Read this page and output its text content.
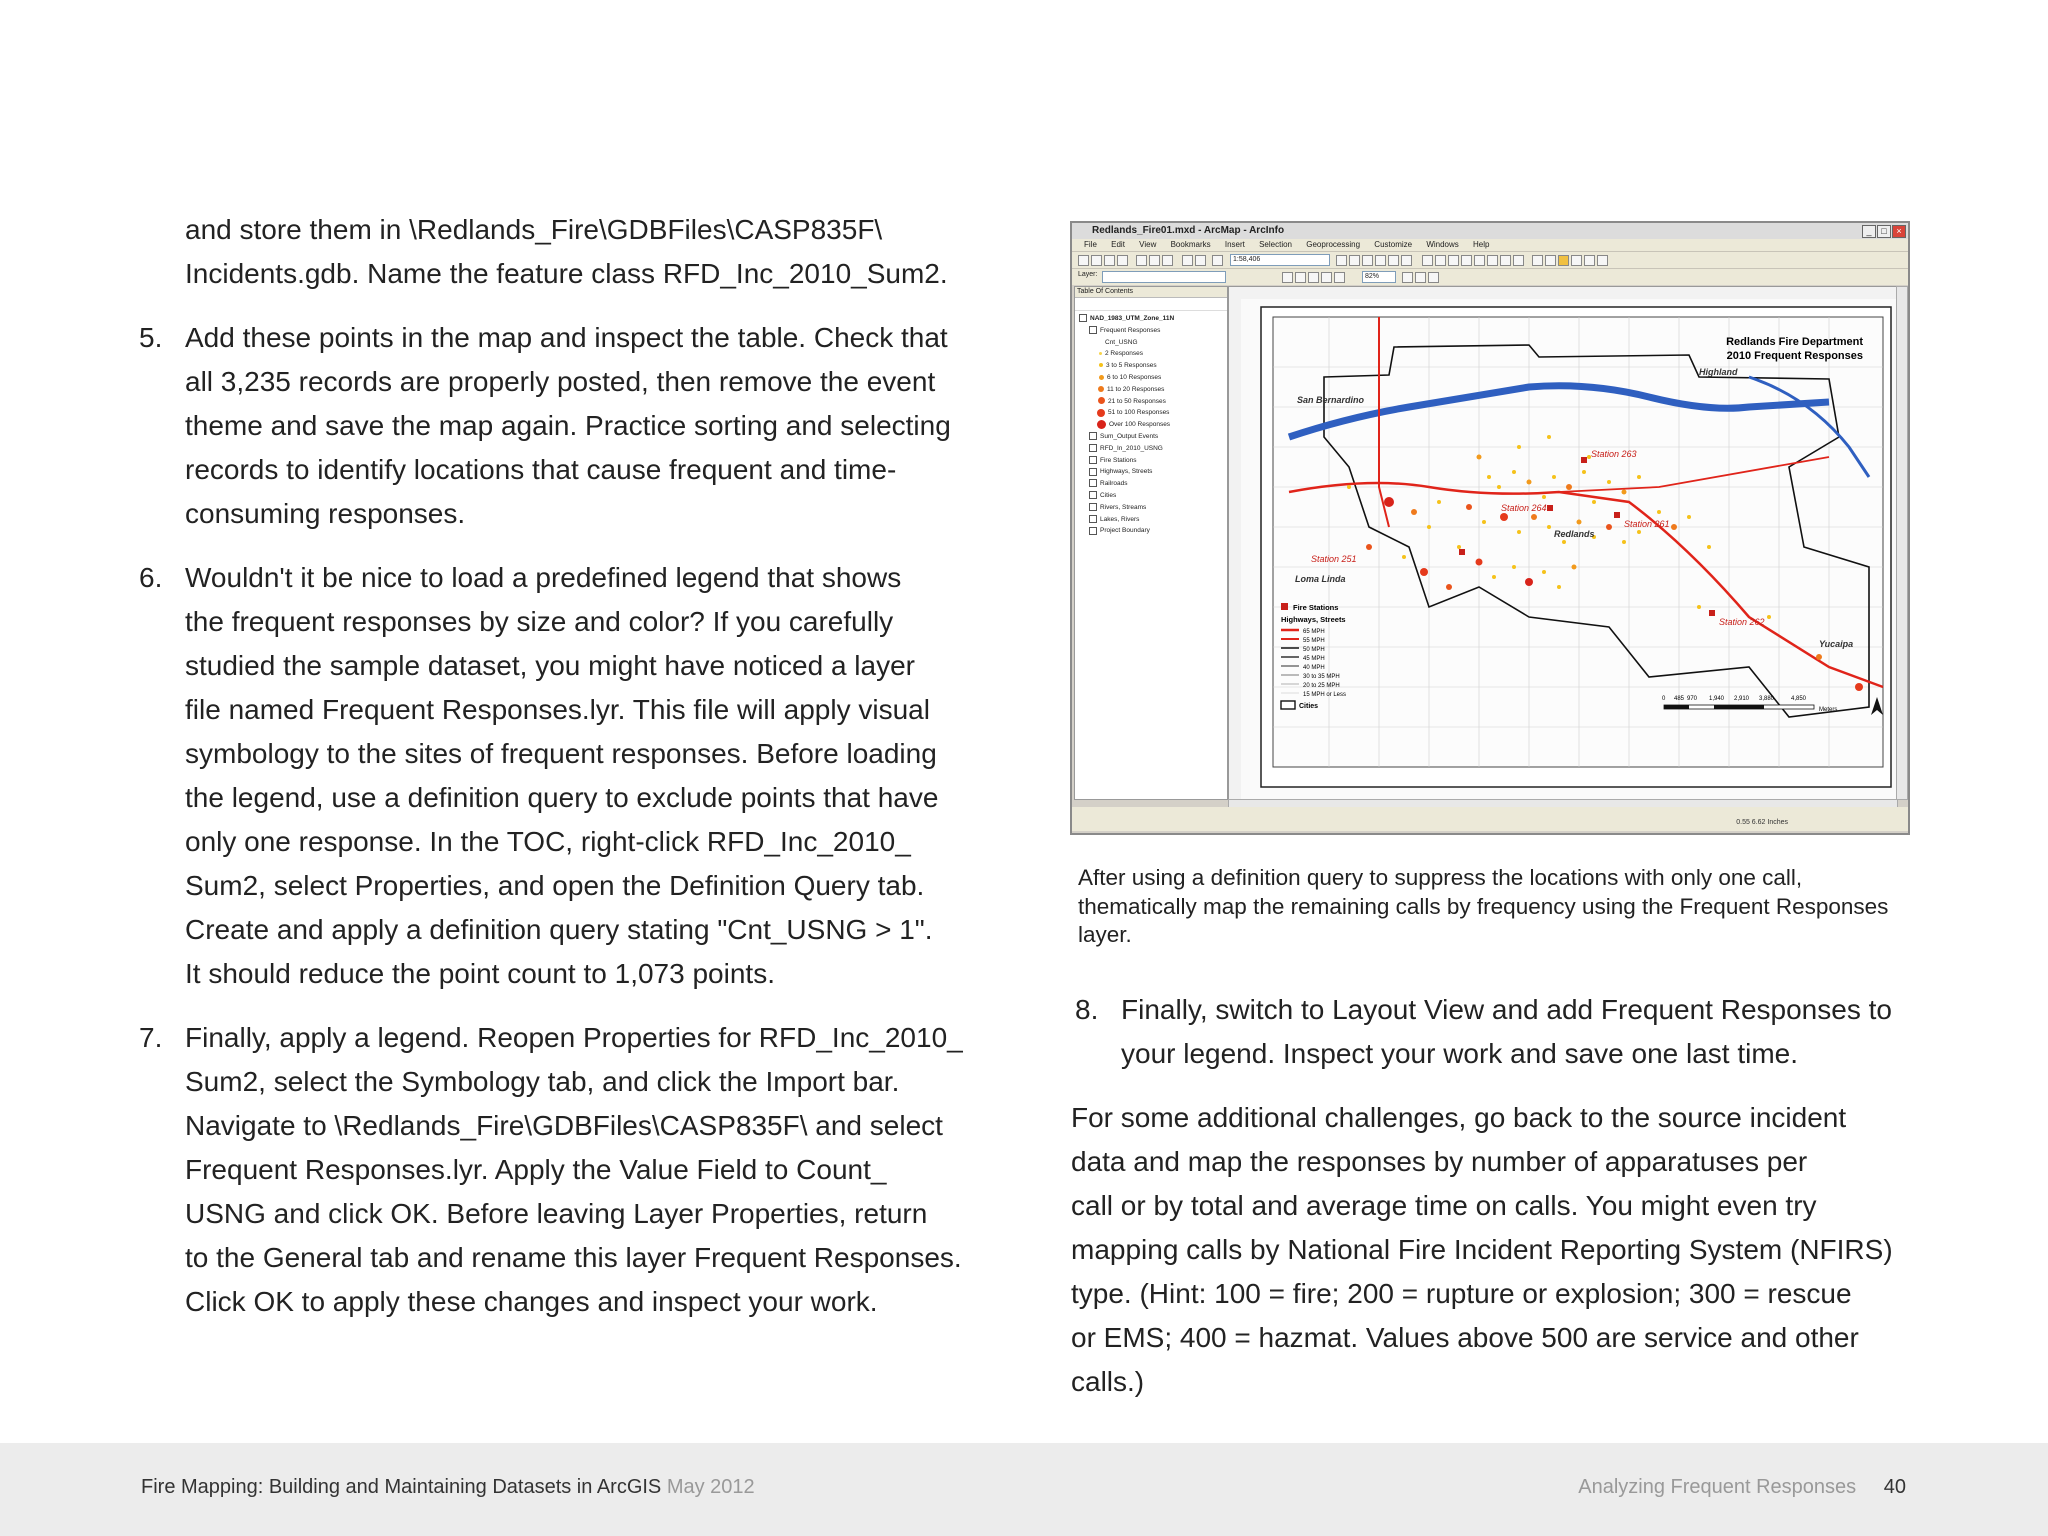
and store them in \Redlands_Fire\GDBFiles\CASP835F\

Incidents.gdb. Name the feature class RFD_Inc_2010_Sum2.

5. Add these points in the map and inspect the table. Check that

all 3,235 records are properly posted, then remove the event

theme and save the map again. Practice sorting and selecting

records to identify locations that cause frequent and time-

consuming responses.

6. Wouldn't it be nice to load a predefined legend that shows

the frequent responses by size and color? If you carefully

studied the sample dataset, you might have noticed a layer

file named Frequent Responses.lyr. This file will apply visual

symbology to the sites of frequent responses. Before loading

the legend, use a definition query to exclude points that have

only one response. In the TOC, right-click RFD_Inc_2010_

Sum2, select Properties, and open the Definition Query tab.

Create and apply a definition query stating "Cnt_USNG > 1".

It should reduce the point count to 1,073 points.

7. Finally, apply a legend. Reopen Properties for RFD_Inc_2010_

Sum2, select the Symbology tab, and click the Import bar.

Navigate to \Redlands_Fire\GDBFiles\CASP835F\ and select

Frequent Responses.lyr. Apply the Value Field to Count_

USNG and click OK. Before leaving Layer Properties, return

to the General tab and rename this layer Frequent Responses.

Click OK to apply these changes and inspect your work.

Redlands_Fire01.mxd - ArcMap - ArcInfo	_	□	×
File Edit View Bookmarks Insert Selection Geoprocessing Customize Windows Help
1:58,406
Layer:	82%
Table Of Contents
NAD_1983_UTM_Zone_11N
Frequent Responses
Cnt_USNG
2 Responses
3 to 5 Responses
6 to 10 Responses
11 to 20 Responses
21 to 50 Responses
51 to 100 Responses
Over 100 Responses
Sum_Output Events
RFD_In_2010_USNG
Fire Stations
Highways, Streets
Railroads
Cities
Rivers, Streams
Lakes, Rivers
Project Boundary
Redlands Fire Department
2010 Frequent Responses
San Bernardino
Highland
Redlands
Loma Linda
Yucaipa
Station 263
Station 264
Station 261
Station 251
Station 262
Fire Stations
Highways, Streets
65 MPH
55 MPH
50 MPH
45 MPH
40 MPH
30 to 35 MPH
20 to 25 MPH
15 MPH or Less
Cities
0 485 970 1,940 2,910 3,880	4,850
Meters
0.55 6.62 Inches
After using a definition query to suppress the locations with only one call, thematically map the remaining calls by frequency using the Frequent Responses layer.
8. Finally, switch to Layout View and add Frequent Responses to

your legend. Inspect your work and save one last time.

For some additional challenges, go back to the source incident

data and map the responses by number of apparatuses per

call or by total and average time on calls. You might even try

mapping calls by National Fire Incident Reporting System (NFIRS)

type. (Hint: 100 = fire; 200 = rupture or explosion; 300 = rescue

or EMS; 400 = hazmat. Values above 500 are service and other

calls.)

Fire Mapping: Building and Maintaining Datasets in ArcGIS May 2012	Analyzing Frequent Responses 40
